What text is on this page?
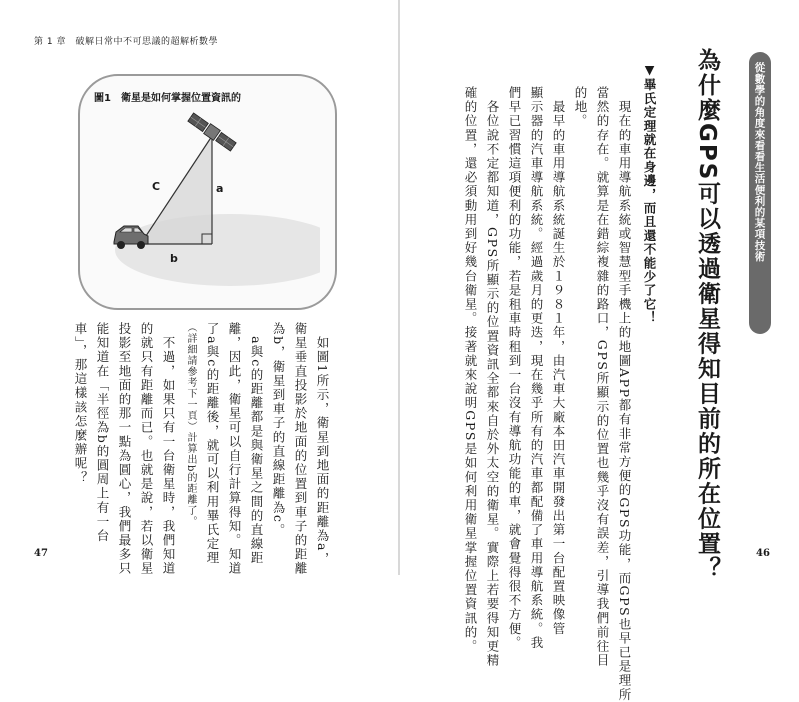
第 1 章　破解日常中不可思議的超解析數學
圖1　衛星是如何掌握位置資訊的
C	a
b
　如圖1所示，衛星到地面的距離為a，
衛星垂直投影於地面的位置到車子的距離
為b，衛星到車子的直線距離為c。
　a與c的距離都是與衛星之間的直線距
離，因此，衛星可以自行計算得知。知道
了a與c的距離後，就可以利用畢氏定理
（詳細請參考下一頁）計算出b的距離了。
　不過，如果只有一台衛星時，我們知道
的就只有距離而已。也就是說，若以衛星
投影至地面的那一點為圓心，我們最多只
能知道在「半徑為b的圓周上有一台
車」，那這樣該怎麼辦呢？
47
從數學的角度來看看生活便利的某項技術
為什麼GPS可以透過衛星得知目前的所在位置？
▼畢氏定理就在身邊，而且還不能少了它！
　現在的車用導航系統或智慧型手機上的地圖APP都有非常方便的GPS功能，而GPS也早已是理所
當然的存在。就算是在錯綜複雜的路口，GPS所顯示的位置也幾乎沒有誤差，引導我們前往目
的地。
　最早的車用導航系統誕生於１９８１年，由汽車大廠本田汽車開發出第一台配置映像管
顯示器的汽車導航系統。經過歲月的更迭，現在幾乎所有的汽車都配備了車用導航系統。我
們早已習慣這項便利的功能，若是租車時租到一台沒有導航功能的車，就會覺得很不方便。
　各位說不定都知道，GPS所顯示的位置資訊全都來自於外太空的衛星。實際上若要得知更精
確的位置，還必須動用到好幾台衛星。接著就來說明GPS是如何利用衛星掌握位置資訊的。	46
